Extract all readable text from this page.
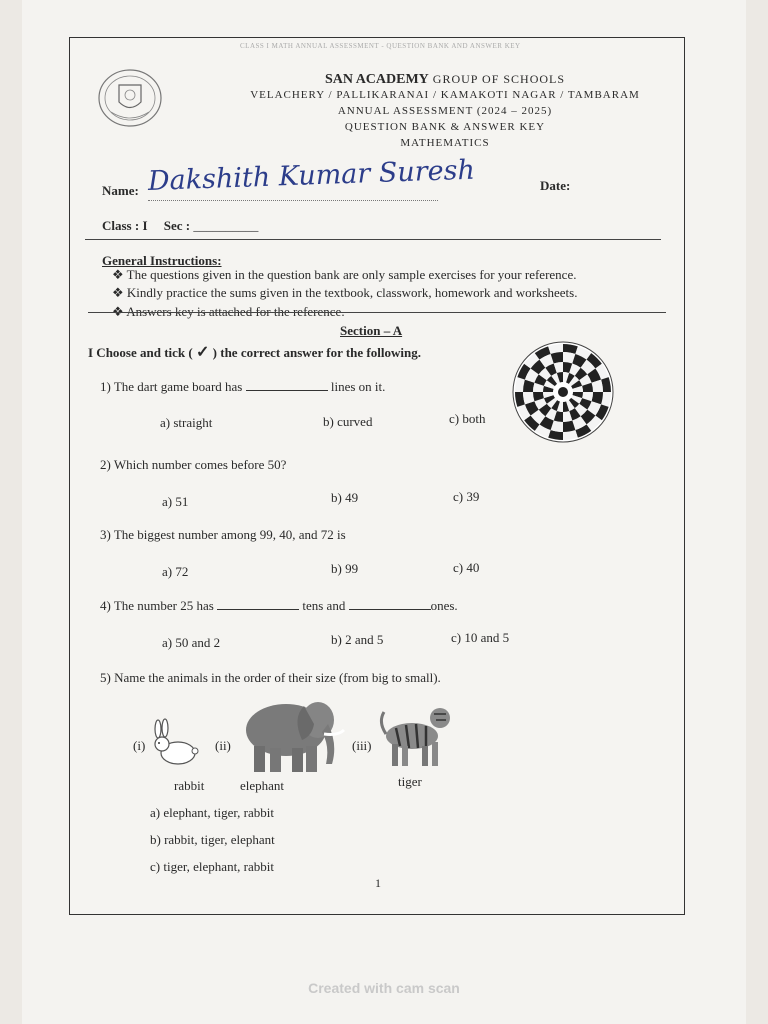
CLASS I MATH ANNUAL ASSESSMENT - QUESTION BANK AND ANSWER KEY
SAN ACADEMY GROUP OF SCHOOLS
VELACHERY / PALLIKARANAI / KAMAKOTI NAGAR / TAMBARAM
ANNUAL ASSESSMENT (2024 – 2025)
QUESTION BANK & ANSWER KEY
MATHEMATICS
Name: Dakshith Kumar Suresh	Date:
Class : I Sec : __________
General Instructions:
❖ The questions given in the question bank are only sample exercises for your reference.
❖ Kindly practice the sums given in the textbook, classwork, homework and worksheets.
❖ Answers key is attached for the reference.
Section – A
I Choose and tick ( ✓ ) the correct answer for the following.
1) The dart game board has	lines on it.
a) straight	b) curved	c) both
2) Which number comes before 50?
a) 51	b) 49	c) 39
3) The biggest number among 99, 40, and 72 is
a) 72	b) 99	c) 40
4) The number 25 has	tens and	ones.
a) 50 and 2	b) 2 and 5	c) 10 and 5
5) Name the animals in the order of their size (from big to small).
(i)	(ii)	(iii)
rabbit	elephant	tiger
a) elephant, tiger, rabbit
b) rabbit, tiger, elephant
c) tiger, elephant, rabbit
1
Created with cam scan
